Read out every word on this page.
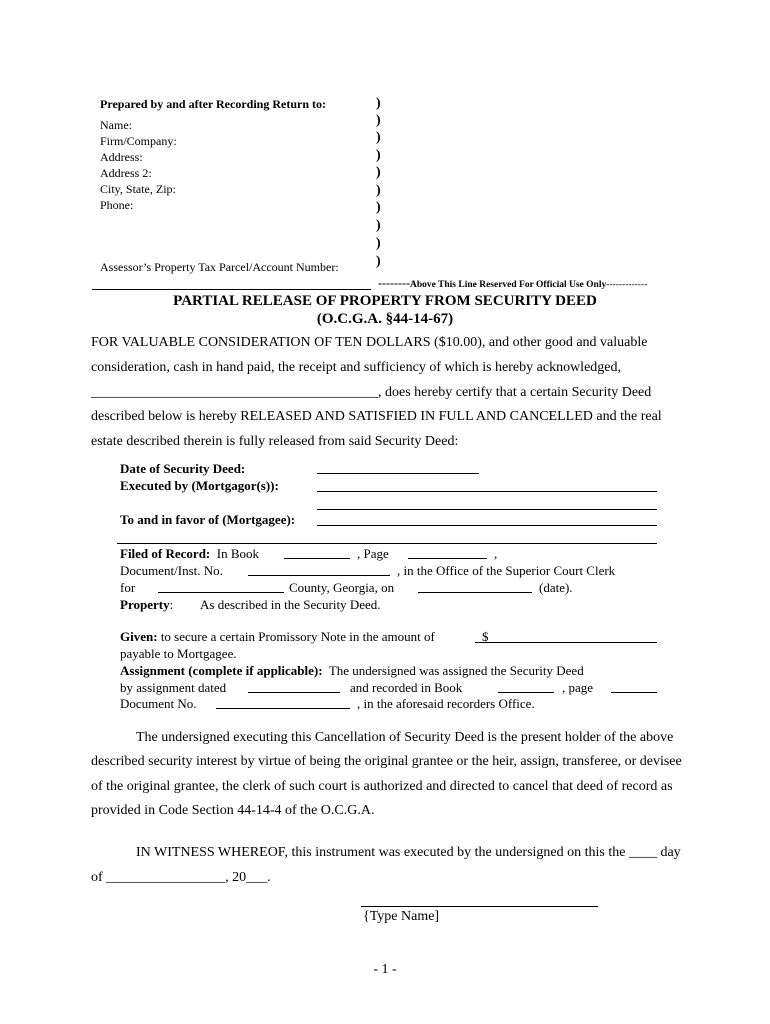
Prepared by and after Recording Return to:
Name:
Firm/Company:
Address:
Address 2:
City, State, Zip:
Phone:
Assessor’s Property Tax Parcel/Account Number:
)
)
)
)
)
)
)
)
)
)
--------Above This Line Reserved For Official Use Only-------------
PARTIAL RELEASE OF PROPERTY FROM SECURITY DEED
(O.C.G.A. §44-14-67)
FOR VALUABLE CONSIDERATION OF TEN DOLLARS ($10.00), and other good and valuable
consideration, cash in hand paid, the receipt and sufficiency of which is hereby acknowledged,
_________________________________________, does hereby certify that a certain Security Deed
described below is hereby RELEASED AND SATISFIED IN FULL AND CANCELLED and the real
estate described therein is fully released from said Security Deed:
Date of Security Deed:
Executed by (Mortgagor(s)):
To and in favor of (Mortgagee):
Filed of Record: In Book	, Page	,
Document/Inst. No.	, in the Office of the Superior Court Clerk
for	County, Georgia, on	(date).
Property: As described in the Security Deed.
Given: to secure a certain Promissory Note in the amount of	$
payable to Mortgagee.
Assignment (complete if applicable): The undersigned was assigned the Security Deed
by assignment dated	and recorded in Book	, page
Document No.	, in the aforesaid recorders Office.
The undersigned executing this Cancellation of Security Deed is the present holder of the above
described security interest by virtue of being the original grantee or the heir, assign, transferee, or devisee
of the original grantee, the clerk of such court is authorized and directed to cancel that deed of record as
provided in Code Section 44-14-4 of the O.C.G.A.
IN WITNESS WHEREOF, this instrument was executed by the undersigned on this the ____ day
of _________________, 20___.
{Type Name]
- 1 -
